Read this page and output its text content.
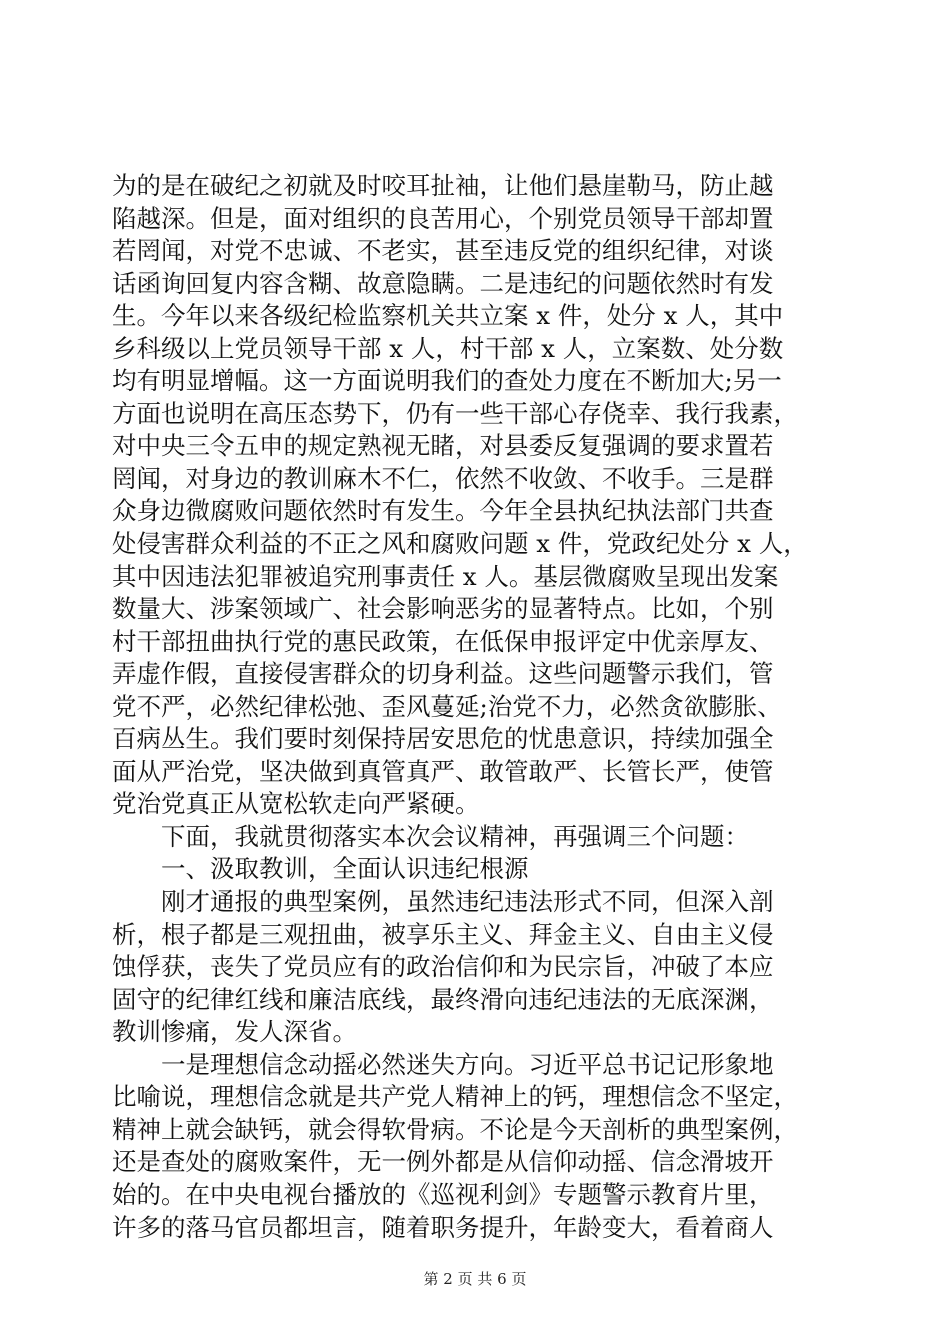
为的是在破纪之初就及时咬耳扯袖，让他们悬崖勒马，防止越
陷越深。但是，面对组织的良苦用心，个别党员领导干部却置
若罔闻，对党不忠诚、不老实，甚至违反党的组织纪律，对谈
话函询回复内容含糊、故意隐瞒。二是违纪的问题依然时有发
生。今年以来各级纪检监察机关共立案 x 件，处分 x 人，其中
乡科级以上党员领导干部 x 人，村干部 x 人，立案数、处分数
均有明显增幅。这一方面说明我们的查处力度在不断加大;另一
方面也说明在高压态势下，仍有一些干部心存侥幸、我行我素，
对中央三令五申的规定熟视无睹，对县委反复强调的要求置若
罔闻，对身边的教训麻木不仁，依然不收敛、不收手。三是群
众身边微腐败问题依然时有发生。今年全县执纪执法部门共查
处侵害群众利益的不正之风和腐败问题 x 件，党政纪处分 x 人，
其中因违法犯罪被追究刑事责任 x 人。基层微腐败呈现出发案
数量大、涉案领域广、社会影响恶劣的显著特点。比如，个别
村干部扭曲执行党的惠民政策，在低保申报评定中优亲厚友、
弄虚作假，直接侵害群众的切身利益。这些问题警示我们，管
党不严，必然纪律松弛、歪风蔓延;治党不力，必然贪欲膨胀、
百病丛生。我们要时刻保持居安思危的忧患意识，持续加强全
面从严治党，坚决做到真管真严、敢管敢严、长管长严，使管
党治党真正从宽松软走向严紧硬。
　　下面，我就贯彻落实本次会议精神，再强调三个问题：
　　一、汲取教训，全面认识违纪根源
　　刚才通报的典型案例，虽然违纪违法形式不同，但深入剖
析，根子都是三观扭曲，被享乐主义、拜金主义、自由主义侵
蚀俘获，丧失了党员应有的政治信仰和为民宗旨，冲破了本应
固守的纪律红线和廉洁底线，最终滑向违纪违法的无底深渊，
教训惨痛，发人深省。
　　一是理想信念动摇必然迷失方向。习近平总书记记形象地
比喻说，理想信念就是共产党人精神上的钙，理想信念不坚定，
精神上就会缺钙，就会得软骨病。不论是今天剖析的典型案例，
还是查处的腐败案件，无一例外都是从信仰动摇、信念滑坡开
始的。在中央电视台播放的《巡视利剑》专题警示教育片里，
许多的落马官员都坦言，随着职务提升，年龄变大，看着商人
第 2 页 共 6 页
